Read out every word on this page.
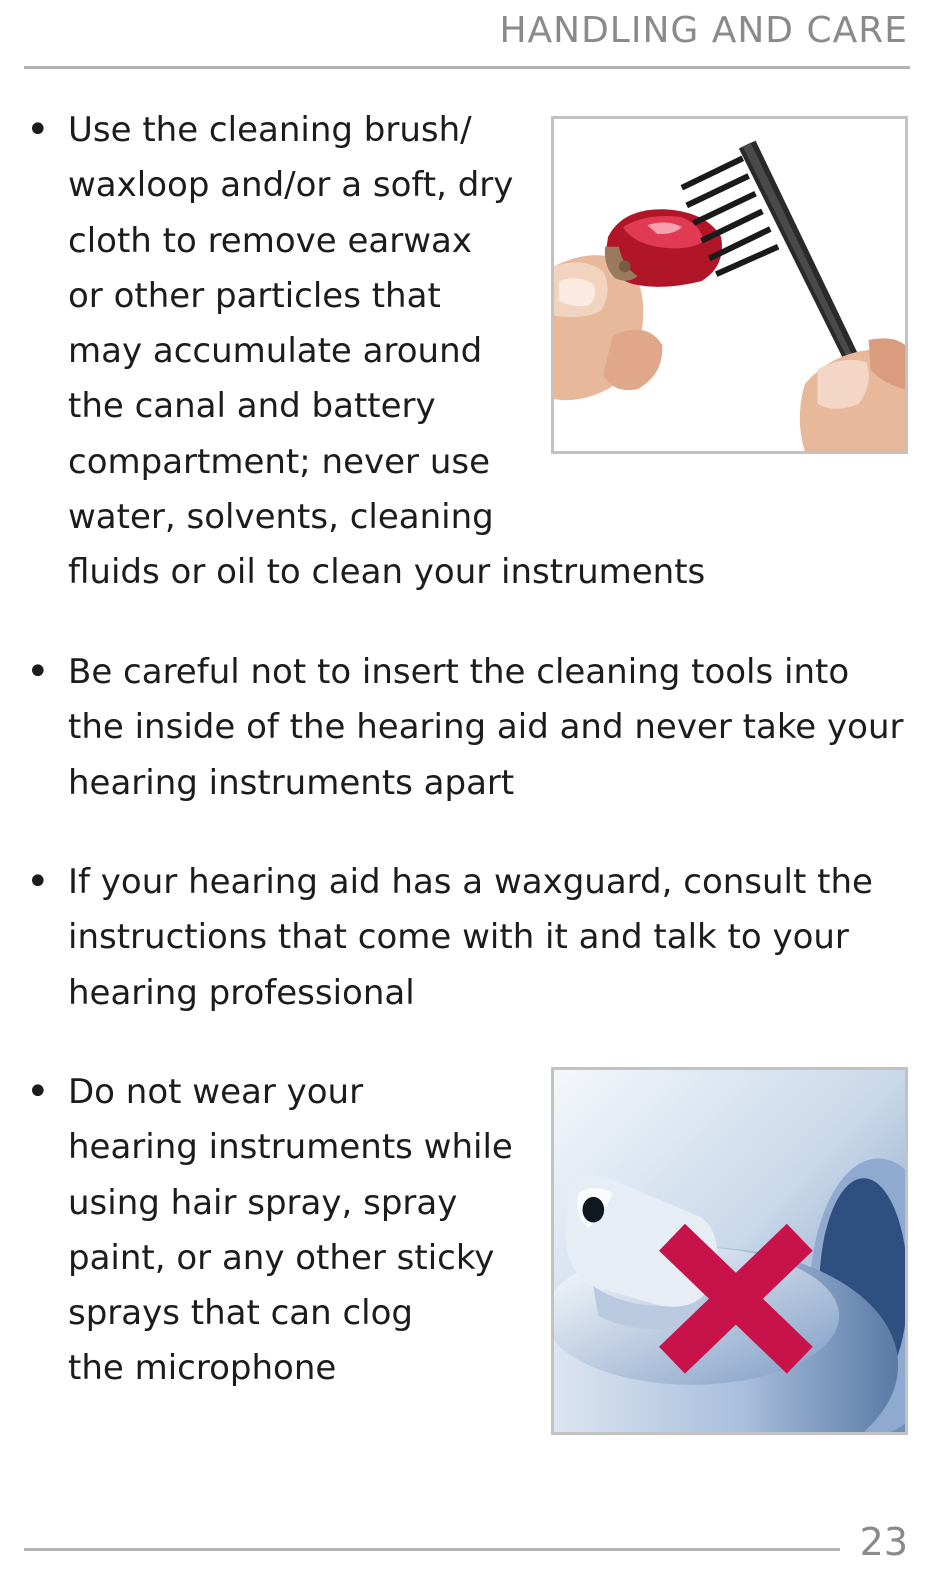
HANDLING AND CARE
• Use the cleaning brush/
waxloop and/or a soft, dry
cloth to remove earwax
or other particles that
may accumulate around
the canal and battery
compartment; never use
water, solvents, cleaning
fluids or oil to clean your instruments
• Be careful not to insert the cleaning tools into
the inside of the hearing aid and never take your
hearing instruments apart
• If your hearing aid has a waxguard, consult the
instructions that come with it and talk to your
hearing professional
• Do not wear your
hearing instruments while
using hair spray, spray
paint, or any other sticky
sprays that can clog
the microphone
23
